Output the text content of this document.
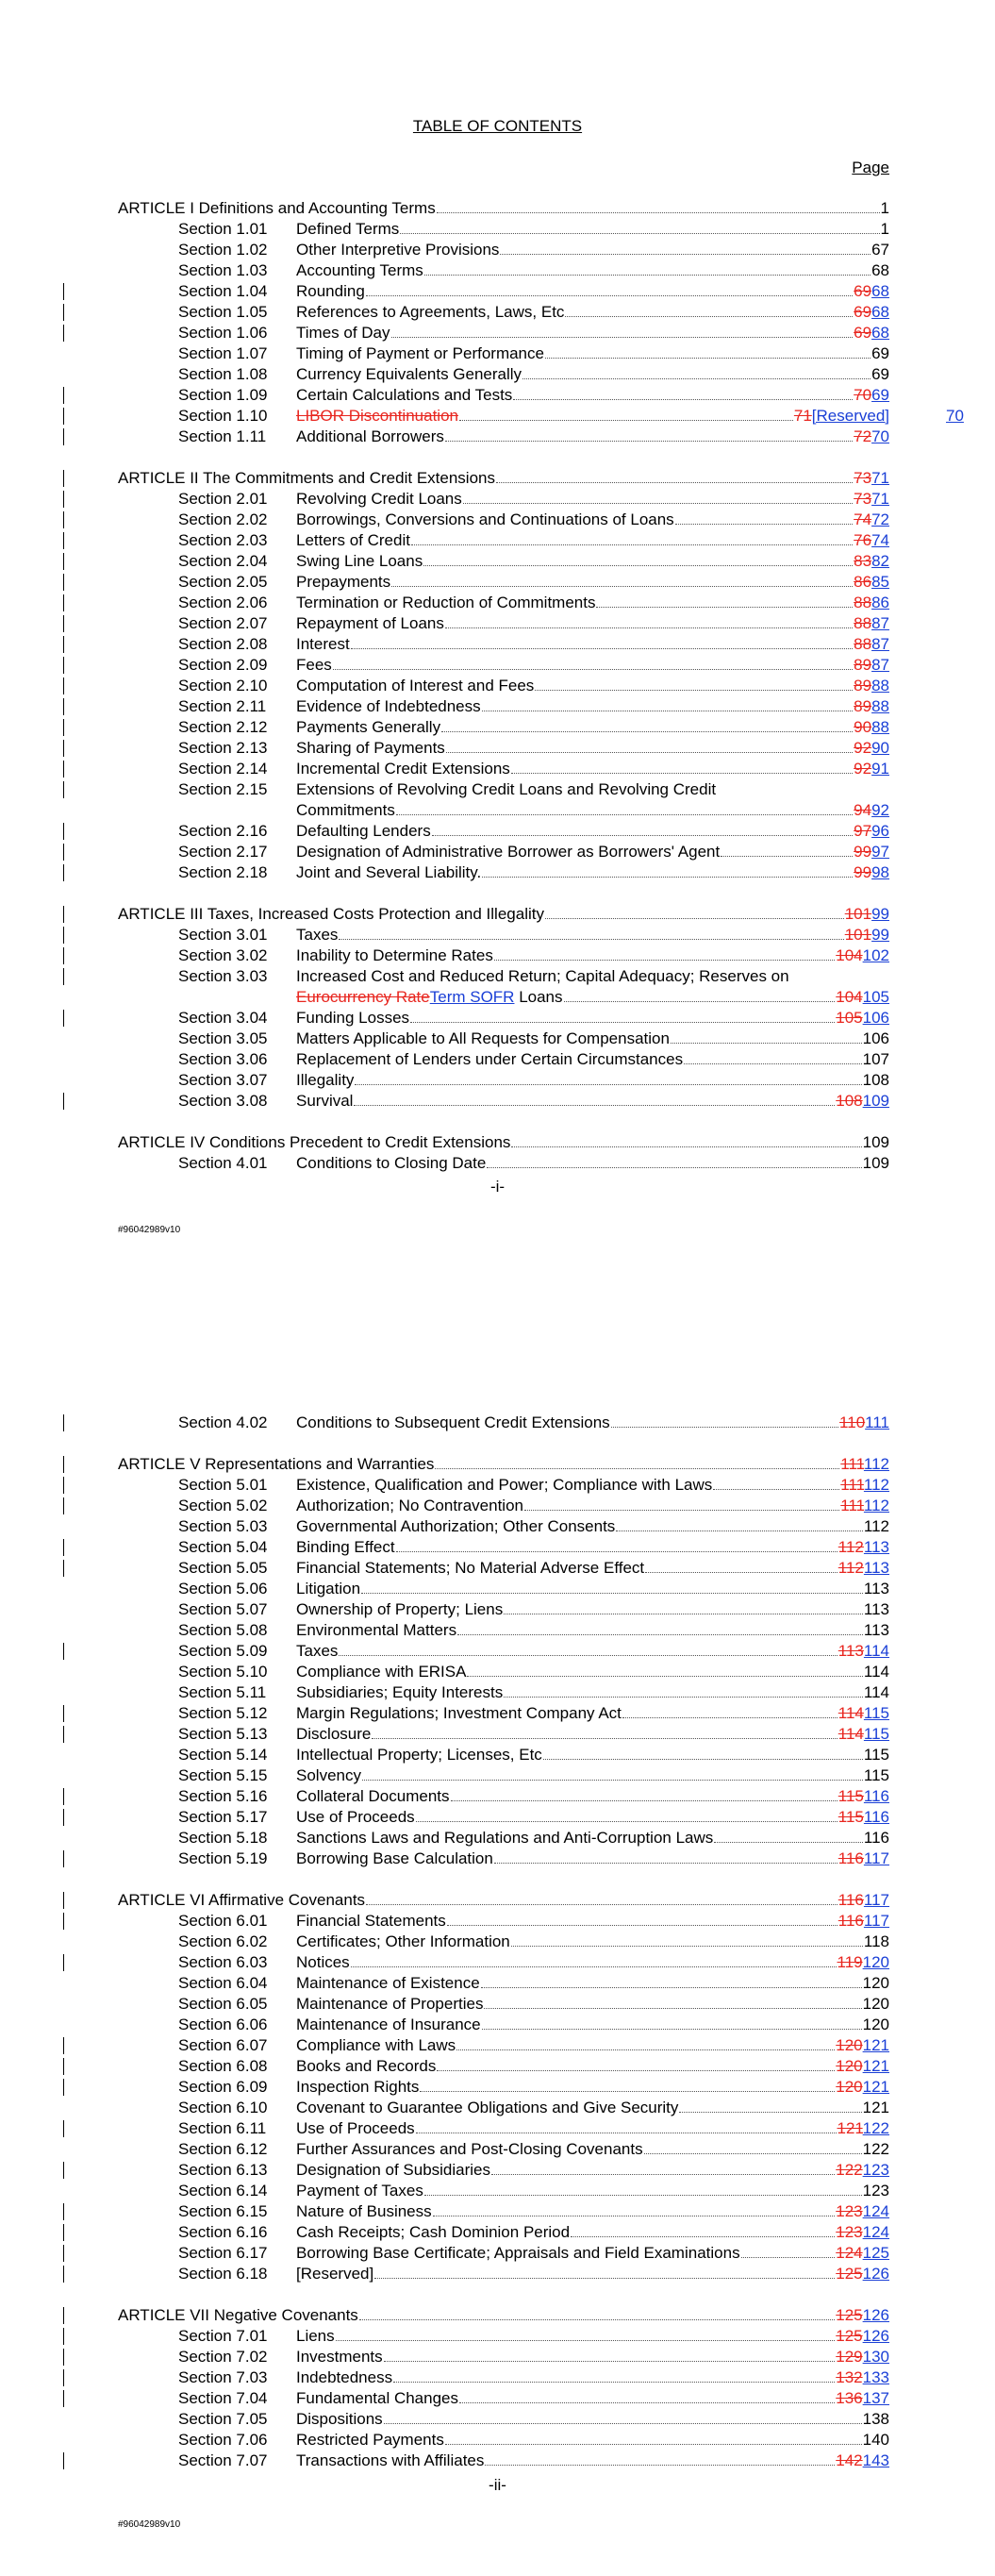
TABLE OF CONTENTS
Page
ARTICLE I Definitions and Accounting Terms	1
Section 1.01 Defined Terms	1
Section 1.02 Other Interpretive Provisions	67
Section 1.03 Accounting Terms	68
Section 1.04 Rounding	6968
Section 1.05 References to Agreements, Laws, Etc	6968
Section 1.06 Times of Day	6968
Section 1.07 Timing of Payment or Performance	69
Section 1.08 Currency Equivalents Generally	69
Section 1.09 Certain Calculations and Tests	7069
Section 1.10 LIBOR Discontinuation	71[Reserved]	70
Section 1.11 Additional Borrowers	7270
ARTICLE II The Commitments and Credit Extensions	7371
Section 2.01 Revolving Credit Loans	7371
Section 2.02 Borrowings, Conversions and Continuations of Loans	7472
Section 2.03 Letters of Credit	7674
Section 2.04 Swing Line Loans	8382
Section 2.05 Prepayments	8685
Section 2.06 Termination or Reduction of Commitments	8886
Section 2.07 Repayment of Loans	8887
Section 2.08 Interest	8887
Section 2.09 Fees	8987
Section 2.10 Computation of Interest and Fees	8988
Section 2.11 Evidence of Indebtedness	8988
Section 2.12 Payments Generally	9088
Section 2.13 Sharing of Payments	9290
Section 2.14 Incremental Credit Extensions	9291
Section 2.15 Extensions of Revolving Credit Loans and Revolving Credit
Commitments	9492
Section 2.16 Defaulting Lenders	9796
Section 2.17 Designation of Administrative Borrower as Borrowers' Agent	9997
Section 2.18 Joint and Several Liability.	9998
ARTICLE III Taxes, Increased Costs Protection and Illegality	10199
Section 3.01 Taxes	10199
Section 3.02 Inability to Determine Rates	104102
Section 3.03 Increased Cost and Reduced Return; Capital Adequacy; Reserves on
Eurocurrency RateTerm SOFR Loans	104105
Section 3.04 Funding Losses	105106
Section 3.05 Matters Applicable to All Requests for Compensation	106
Section 3.06 Replacement of Lenders under Certain Circumstances	107
Section 3.07 Illegality	108
Section 3.08 Survival	108109
ARTICLE IV Conditions Precedent to Credit Extensions	109
Section 4.01 Conditions to Closing Date	109
-i-
#96042989v10
Section 4.02 Conditions to Subsequent Credit Extensions	110111
ARTICLE V Representations and Warranties	111112
Section 5.01 Existence, Qualification and Power; Compliance with Laws	111112
Section 5.02 Authorization; No Contravention	111112
Section 5.03 Governmental Authorization; Other Consents	112
Section 5.04 Binding Effect	112113
Section 5.05 Financial Statements; No Material Adverse Effect	112113
Section 5.06 Litigation	113
Section 5.07 Ownership of Property; Liens	113
Section 5.08 Environmental Matters	113
Section 5.09 Taxes	113114
Section 5.10 Compliance with ERISA	114
Section 5.11 Subsidiaries; Equity Interests	114
Section 5.12 Margin Regulations; Investment Company Act	114115
Section 5.13 Disclosure	114115
Section 5.14 Intellectual Property; Licenses, Etc	115
Section 5.15 Solvency	115
Section 5.16 Collateral Documents	115116
Section 5.17 Use of Proceeds	115116
Section 5.18 Sanctions Laws and Regulations and Anti-Corruption Laws	116
Section 5.19 Borrowing Base Calculation	116117
ARTICLE VI Affirmative Covenants	116117
Section 6.01 Financial Statements	116117
Section 6.02 Certificates; Other Information	118
Section 6.03 Notices	119120
Section 6.04 Maintenance of Existence	120
Section 6.05 Maintenance of Properties	120
Section 6.06 Maintenance of Insurance	120
Section 6.07 Compliance with Laws	120121
Section 6.08 Books and Records	120121
Section 6.09 Inspection Rights	120121
Section 6.10 Covenant to Guarantee Obligations and Give Security	121
Section 6.11 Use of Proceeds	121122
Section 6.12 Further Assurances and Post-Closing Covenants	122
Section 6.13 Designation of Subsidiaries	122123
Section 6.14 Payment of Taxes	123
Section 6.15 Nature of Business	123124
Section 6.16 Cash Receipts; Cash Dominion Period	123124
Section 6.17 Borrowing Base Certificate; Appraisals and Field Examinations	124125
Section 6.18 [Reserved]	125126
ARTICLE VII Negative Covenants	125126
Section 7.01 Liens	125126
Section 7.02 Investments	129130
Section 7.03 Indebtedness	132133
Section 7.04 Fundamental Changes	136137
Section 7.05 Dispositions	138
Section 7.06 Restricted Payments	140
Section 7.07 Transactions with Affiliates	142143
-ii-
#96042989v10
